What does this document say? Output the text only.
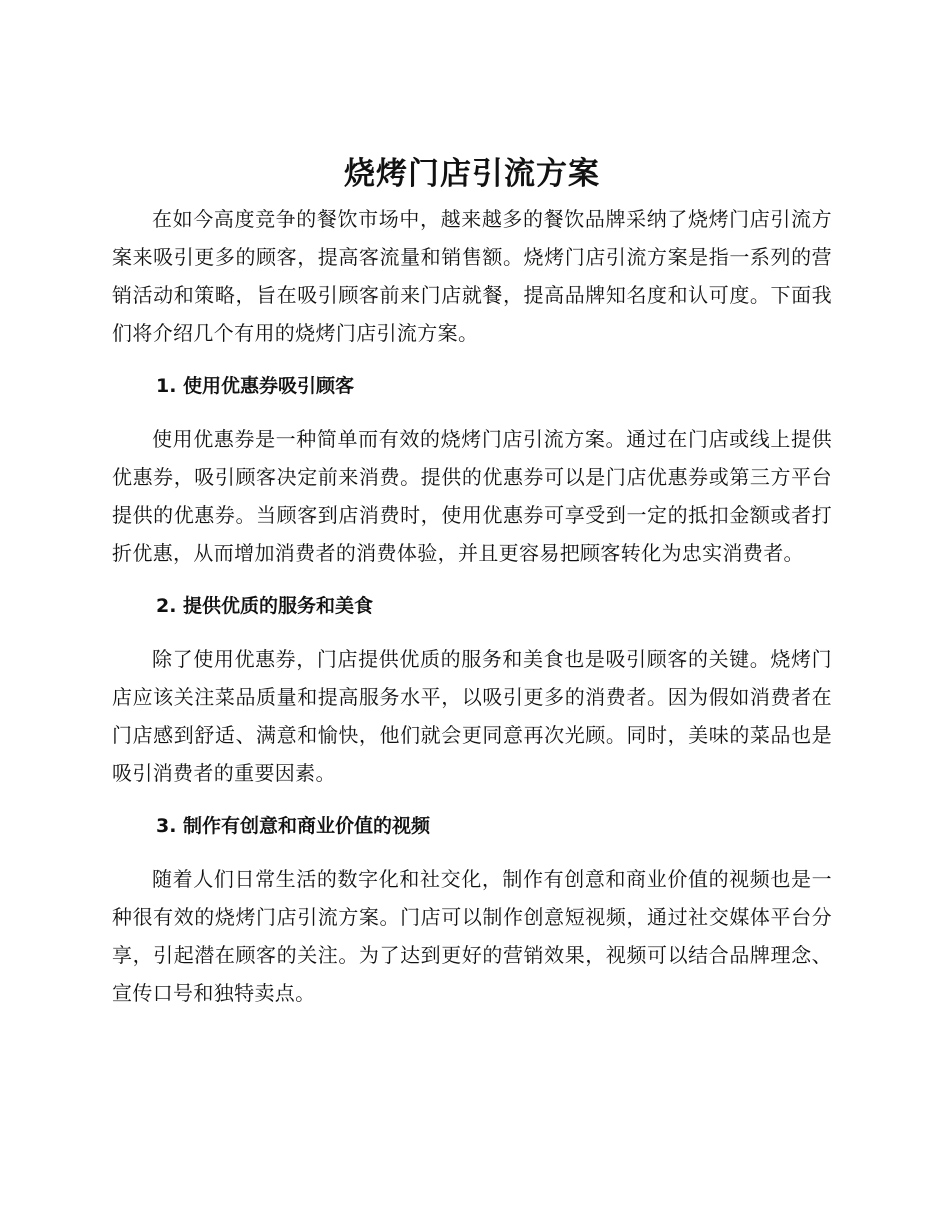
烧烤门店引流方案

在如今高度竞争的餐饮市场中，越来越多的餐饮品牌采纳了烧烤门店引流方案来吸引更多的顾客，提高客流量和销售额。烧烤门店引流方案是指一系列的营销活动和策略，旨在吸引顾客前来门店就餐，提高品牌知名度和认可度。下面我们将介绍几个有用的烧烤门店引流方案。

1. 使用优惠券吸引顾客

使用优惠券是一种简单而有效的烧烤门店引流方案。通过在门店或线上提供优惠券，吸引顾客决定前来消费。提供的优惠券可以是门店优惠券或第三方平台提供的优惠券。当顾客到店消费时，使用优惠券可享受到一定的抵扣金额或者打折优惠，从而增加消费者的消费体验，并且更容易把顾客转化为忠实消费者。

2. 提供优质的服务和美食

除了使用优惠券，门店提供优质的服务和美食也是吸引顾客的关键。烧烤门店应该关注菜品质量和提高服务水平，以吸引更多的消费者。因为假如消费者在门店感到舒适、满意和愉快，他们就会更同意再次光顾。同时，美味的菜品也是吸引消费者的重要因素。

3. 制作有创意和商业价值的视频

随着人们日常生活的数字化和社交化，制作有创意和商业价值的视频也是一种很有效的烧烤门店引流方案。门店可以制作创意短视频，通过社交媒体平台分享，引起潜在顾客的关注。为了达到更好的营销效果，视频可以结合品牌理念、宣传口号和独特卖点。
